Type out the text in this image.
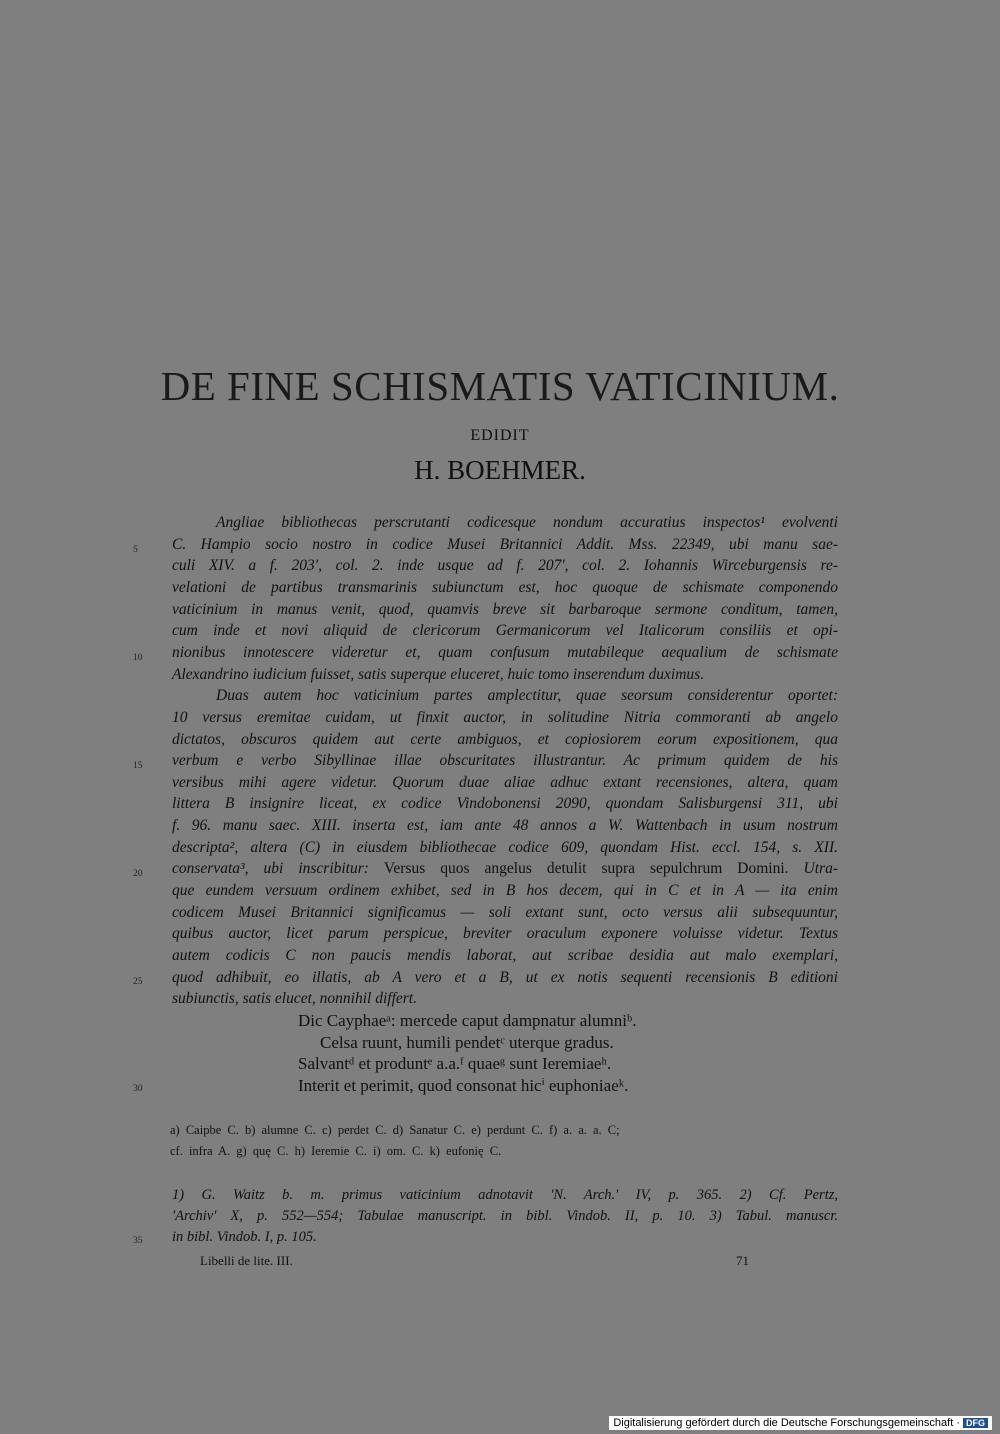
DE FINE SCHISMATIS VATICINIUM.
EDIDIT
H. BOEHMER.
Angliae bibliothecas perscrutanti codicesque nondum accuratius inspectos¹ evolventi
C. Hampio socio nostro in codice Musei Britannici Addit. Mss. 22349, ubi manu sae-
culi XIV. a f. 203', col. 2. inde usque ad f. 207', col. 2. Iohannis Wirceburgensis re-
velationi de partibus transmarinis subiunctum est, hoc quoque de schismate componendo
vaticinium in manus venit, quod, quamvis breve sit barbaroque sermone conditum, tamen,
cum inde et novi aliquid de clericorum Germanicorum vel Italicorum consiliis et opi-
nionibus innotescere videretur et, quam confusum mutabileque aequalium de schismate
Alexandrino iudicium fuisset, satis superque eluceret, huic tomo inserendum duximus.
Duas autem hoc vaticinium partes amplectitur, quae seorsum considerentur oportet:
10 versus eremitae cuidam, ut finxit auctor, in solitudine Nitria commoranti ab angelo
dictatos, obscuros quidem aut certe ambiguos, et copiosiorem eorum expositionem, qua
verbum e verbo Sibyllinae illae obscuritates illustrantur. Ac primum quidem de his
versibus mihi agere videtur. Quorum duae aliae adhuc extant recensiones, altera, quam
littera B insignire liceat, ex codice Vindobonensi 2090, quondam Salisburgensi 311, ubi
f. 96. manu saec. XIII. inserta est, iam ante 48 annos a W. Wattenbach in usum nostrum
descripta², altera (C) in eiusdem bibliothecae codice 609, quondam Hist. eccl. 154, s. XII.
conservata³, ubi inscribitur: Versus quos angelus detulit supra sepulchrum Domini. Utra-
que eundem versuum ordinem exhibet, sed in B hos decem, qui in C et in A — ita enim
codicem Musei Britannici significamus — soli extant sunt, octo versus alii subsequuntur,
quibus auctor, licet parum perspicue, breviter oraculum exponere voluisse videtur. Textus
autem codicis C non paucis mendis laborat, aut scribae desidia aut malo exemplari,
quod adhibuit, eo illatis, ab A vero et a B, ut ex notis sequenti recensionis B editioni
subiunctis, satis elucet, nonnihil differt.
5
10
15
20
25
30
35
Dic Cayphaeᵃ: mercede caput dampnatur alumniᵇ.
Celsa ruunt, humili pendetᶜ uterque gradus.
Salvantᵈ et produntᵉ a.a.ᶠ quaeᵍ sunt Ieremiaeʰ.
Interit et perimit, quod consonat hicⁱ euphoniaeᵏ.
a) Caipbe C. b) alumne C. c) perdet C. d) Sanatur C. e) perdunt C. f) a. a. a. C;
cf. infra A. g) quę C. h) Ieremie C. i) om. C. k) eufonię C.
1) G. Waitz b. m. primus vaticinium adnotavit 'N. Arch.' IV, p. 365. 2) Cf. Pertz,
'Archiv' X, p. 552—554; Tabulae manuscript. in bibl. Vindob. II, p. 10. 3) Tabul. manuscr.
in bibl. Vindob. I, p. 105.
Libelli de lite. III.	71
Digitalisierung gefördert durch die Deutsche Forschungsgemeinschaft · DFG
